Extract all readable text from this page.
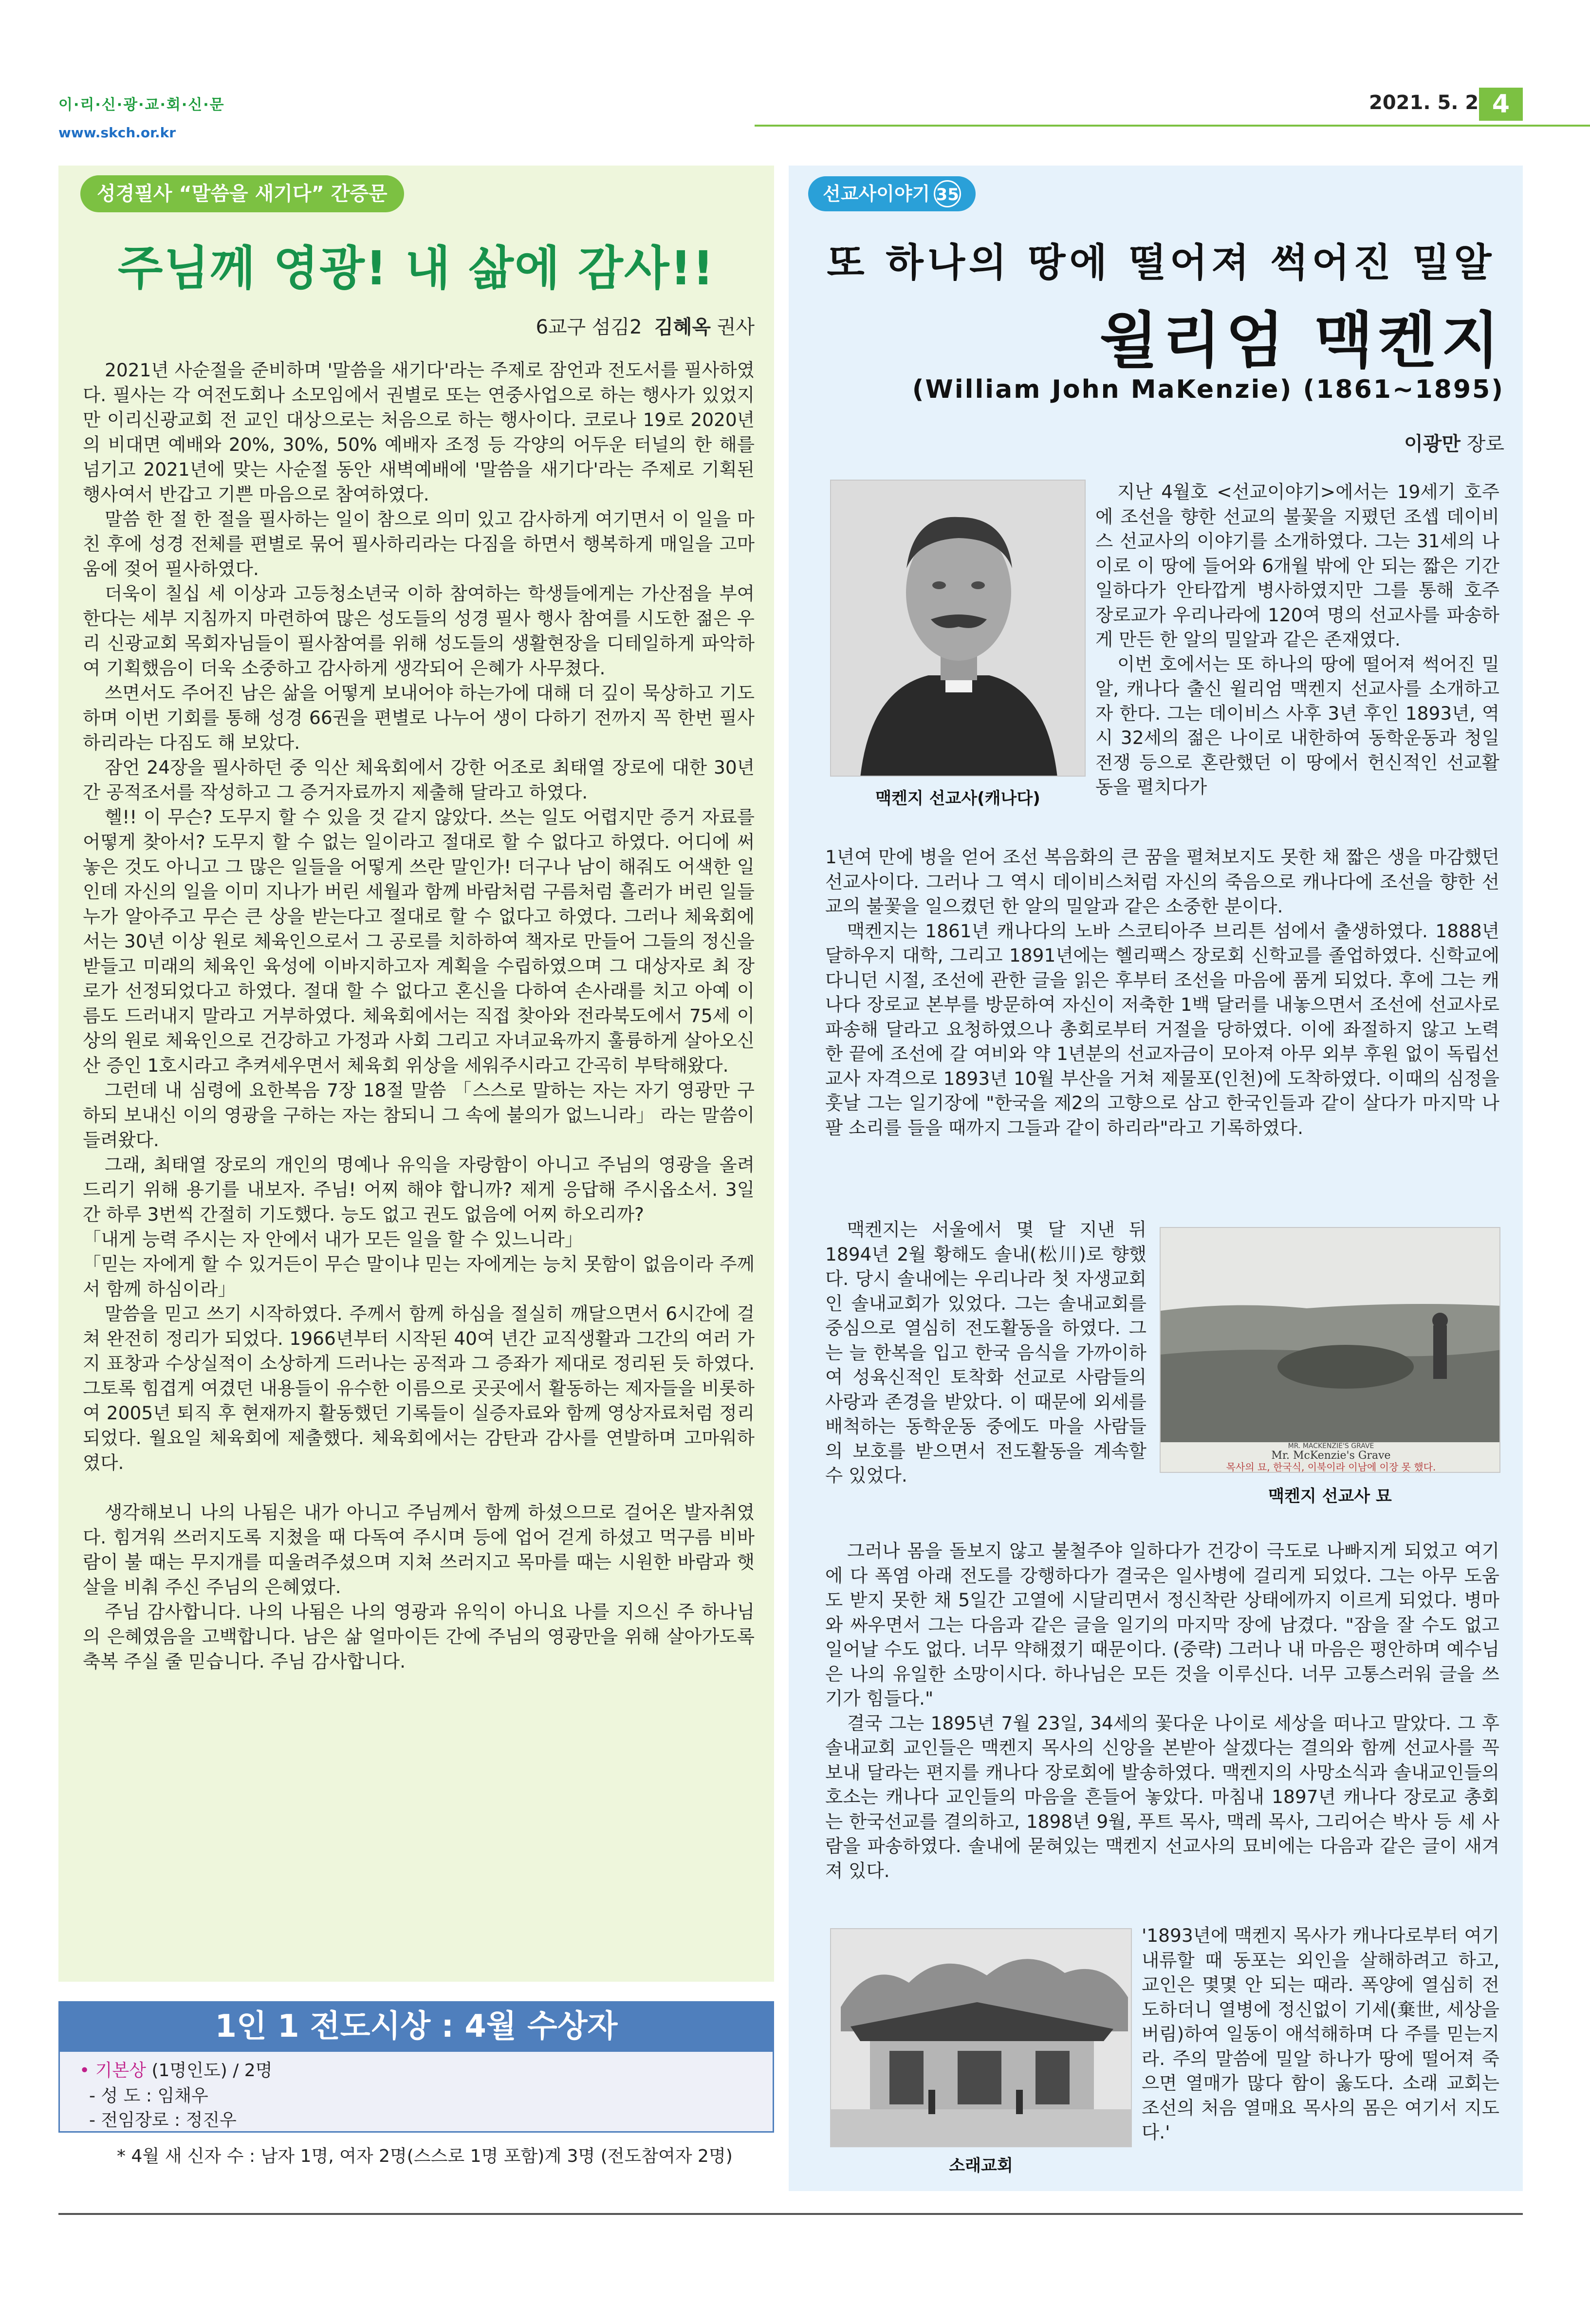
이·리·신·광·교·회·신·문
www.skch.or.kr
2021. 5. 2 4
성경필사 “말씀을 새기다” 간증문
주님께 영광! 내 삶에 감사!!
6교구 섬김2 김혜옥 권사

2021년 사순절을 준비하며 '말씀을 새기다'라는 주제로 잠언과 전도서를 필사하였다. 필사는 각 여전도회나 소모임에서 권별로 또는 연중사업으로 하는 행사가 있었지만 이리신광교회 전 교인 대상으로는 처음으로 하는 행사이다. 코로나 19로 2020년의 비대면 예배와 20%, 30%, 50% 예배자 조정 등 각양의 어두운 터널의 한 해를 넘기고 2021년에 맞는 사순절 동안 새벽예배에 '말씀을 새기다'라는 주제로 기획된 행사여서 반갑고 기쁜 마음으로 참여하였다.

말씀 한 절 한 절을 필사하는 일이 참으로 의미 있고 감사하게 여기면서 이 일을 마친 후에 성경 전체를 편별로 묶어 필사하리라는 다짐을 하면서 행복하게 매일을 고마움에 젖어 필사하였다.

더욱이 칠십 세 이상과 고등청소년국 이하 참여하는 학생들에게는 가산점을 부여한다는 세부 지침까지 마련하여 많은 성도들의 성경 필사 행사 참여를 시도한 젊은 우리 신광교회 목회자님들이 필사참여를 위해 성도들의 생활현장을 디테일하게 파악하여 기획했음이 더욱 소중하고 감사하게 생각되어 은혜가 사무쳤다.

쓰면서도 주어진 남은 삶을 어떻게 보내어야 하는가에 대해 더 깊이 묵상하고 기도하며 이번 기회를 통해 성경 66권을 편별로 나누어 생이 다하기 전까지 꼭 한번 필사하리라는 다짐도 해 보았다.

잠언 24장을 필사하던 중 익산 체육회에서 강한 어조로 최태열 장로에 대한 30년간 공적조서를 작성하고 그 증거자료까지 제출해 달라고 하였다.

헬!! 이 무슨? 도무지 할 수 있을 것 같지 않았다. 쓰는 일도 어렵지만 증거 자료를 어떻게 찾아서? 도무지 할 수 없는 일이라고 절대로 할 수 없다고 하였다. 어디에 써 놓은 것도 아니고 그 많은 일들을 어떻게 쓰란 말인가! 더구나 남이 해줘도 어색한 일인데 자신의 일을 이미 지나가 버린 세월과 함께 바람처럼 구름처럼 흘러가 버린 일들 누가 알아주고 무슨 큰 상을 받는다고 절대로 할 수 없다고 하였다. 그러나 체육회에서는 30년 이상 원로 체육인으로서 그 공로를 치하하여 책자로 만들어 그들의 정신을 받들고 미래의 체육인 육성에 이바지하고자 계획을 수립하였으며 그 대상자로 최 장로가 선정되었다고 하였다. 절대 할 수 없다고 혼신을 다하여 손사래를 치고 아예 이름도 드러내지 말라고 거부하였다. 체육회에서는 직접 찾아와 전라북도에서 75세 이상의 원로 체육인으로 건강하고 가정과 사회 그리고 자녀교육까지 훌륭하게 살아오신 산 증인 1호시라고 추켜세우면서 체육회 위상을 세워주시라고 간곡히 부탁해왔다.

그런데 내 심령에 요한복음 7장 18절 말씀 「스스로 말하는 자는 자기 영광만 구하되 보내신 이의 영광을 구하는 자는 참되니 그 속에 불의가 없느니라」 라는 말씀이 들려왔다.

그래, 최태열 장로의 개인의 명예나 유익을 자랑함이 아니고 주님의 영광을 올려 드리기 위해 용기를 내보자. 주님! 어찌 해야 합니까? 제게 응답해 주시옵소서. 3일 간 하루 3번씩 간절히 기도했다. 능도 없고 권도 없음에 어찌 하오리까?

「내게 능력 주시는 자 안에서 내가 모든 일을 할 수 있느니라」

「믿는 자에게 할 수 있거든이 무슨 말이냐 믿는 자에게는 능치 못함이 없음이라 주께서 함께 하심이라」

말씀을 믿고 쓰기 시작하였다. 주께서 함께 하심을 절실히 깨달으면서 6시간에 걸쳐 완전히 정리가 되었다. 1966년부터 시작된 40여 년간 교직생활과 그간의 여러 가지 표창과 수상실적이 소상하게 드러나는 공적과 그 증좌가 제대로 정리된 듯 하였다. 그토록 힘겹게 여겼던 내용들이 유수한 이름으로 곳곳에서 활동하는 제자들을 비롯하여 2005년 퇴직 후 현재까지 활동했던 기록들이 실증자료와 함께 영상자료처럼 정리되었다. 월요일 체육회에 제출했다. 체육회에서는 감탄과 감사를 연발하며 고마워하였다.

생각해보니 나의 나됨은 내가 아니고 주님께서 함께 하셨으므로 걸어온 발자취였다. 힘겨워 쓰러지도록 지쳤을 때 다독여 주시며 등에 업어 걷게 하셨고 먹구름 비바람이 불 때는 무지개를 띠울려주셨으며 지쳐 쓰러지고 목마를 때는 시원한 바람과 햇살을 비춰 주신 주님의 은혜였다.

주님 감사합니다. 나의 나됨은 나의 영광과 유익이 아니요 나를 지으신 주 하나님의 은혜였음을 고백합니다. 남은 삶 얼마이든 간에 주님의 영광만을 위해 살아가도록 축복 주실 줄 믿습니다. 주님 감사합니다.

1인 1 전도시상 : 4월 수상자
• 기본상 (1명인도) / 2명
- 성 도 : 임채우
- 전임장로 : 정진우
* 4월 새 신자 수 : 남자 1명, 여자 2명(스스로 1명 포함)계 3명 (전도참여자 2명)
선교사이야기 35
또 하나의 땅에 떨어져 썩어진 밀알
윌리엄 맥켄지
(William John MaKenzie) (1861~1895)
이광만 장로
맥켄지 선교사(캐나다)

지난 4월호 <선교이야기>에서는 19세기 호주에 조선을 향한 선교의 불꽃을 지폈던 조셉 데이비스 선교사의 이야기를 소개하였다. 그는 31세의 나이로 이 땅에 들어와 6개월 밖에 안 되는 짧은 기간 일하다가 안타깝게 병사하였지만 그를 통해 호주 장로교가 우리나라에 120여 명의 선교사를 파송하게 만든 한 알의 밀알과 같은 존재였다.

이번 호에서는 또 하나의 땅에 떨어져 썩어진 밀알, 캐나다 출신 윌리엄 맥켄지 선교사를 소개하고자 한다. 그는 데이비스 사후 3년 후인 1893년, 역시 32세의 젊은 나이로 내한하여 동학운동과 청일전쟁 등으로 혼란했던 이 땅에서 헌신적인 선교활동을 펼치다가

1년여 만에 병을 얻어 조선 복음화의 큰 꿈을 펼쳐보지도 못한 채 짧은 생을 마감했던 선교사이다. 그러나 그 역시 데이비스처럼 자신의 죽음으로 캐나다에 조선을 향한 선교의 불꽃을 일으켰던 한 알의 밀알과 같은 소중한 분이다.

맥켄지는 1861년 캐나다의 노바 스코티아주 브리튼 섬에서 출생하였다. 1888년 달하우지 대학, 그리고 1891년에는 헬리팩스 장로회 신학교를 졸업하였다. 신학교에 다니던 시절, 조선에 관한 글을 읽은 후부터 조선을 마음에 품게 되었다. 후에 그는 캐나다 장로교 본부를 방문하여 자신이 저축한 1백 달러를 내놓으면서 조선에 선교사로 파송해 달라고 요청하였으나 총회로부터 거절을 당하였다. 이에 좌절하지 않고 노력한 끝에 조선에 갈 여비와 약 1년분의 선교자금이 모아져 아무 외부 후원 없이 독립선교사 자격으로 1893년 10월 부산을 거쳐 제물포(인천)에 도착하였다. 이때의 심정을 훗날 그는 일기장에 "한국을 제2의 고향으로 삼고 한국인들과 같이 살다가 마지막 나팔 소리를 들을 때까지 그들과 같이 하리라"라고 기록하였다.

MR. MACKENZIE'S GRAVE
Mr. McKenzie's Grave
목사의 묘, 한국식, 이북이라 이남에 이장 못 했다.
맥켄지 선교사 묘

맥켄지는 서울에서 몇 달 지낸 뒤 1894년 2월 황해도 솔내(松川)로 향했다. 당시 솔내에는 우리나라 첫 자생교회인 솔내교회가 있었다. 그는 솔내교회를 중심으로 열심히 전도활동을 하였다. 그는 늘 한복을 입고 한국 음식을 가까이하여 성육신적인 토착화 선교로 사람들의 사랑과 존경을 받았다. 이 때문에 외세를 배척하는 동학운동 중에도 마을 사람들의 보호를 받으면서 전도활동을 계속할 수 있었다.

그러나 몸을 돌보지 않고 불철주야 일하다가 건강이 극도로 나빠지게 되었고 여기에 다 폭염 아래 전도를 강행하다가 결국은 일사병에 걸리게 되었다. 그는 아무 도움도 받지 못한 채 5일간 고열에 시달리면서 정신착란 상태에까지 이르게 되었다. 병마와 싸우면서 그는 다음과 같은 글을 일기의 마지막 장에 남겼다. "잠을 잘 수도 없고 일어날 수도 없다. 너무 약해졌기 때문이다. (중략) 그러나 내 마음은 평안하며 예수님은 나의 유일한 소망이시다. 하나님은 모든 것을 이루신다. 너무 고통스러워 글을 쓰기가 힘들다."

결국 그는 1895년 7월 23일, 34세의 꽃다운 나이로 세상을 떠나고 말았다. 그 후 솔내교회 교인들은 맥켄지 목사의 신앙을 본받아 살겠다는 결의와 함께 선교사를 꼭 보내 달라는 편지를 캐나다 장로회에 발송하였다. 맥켄지의 사망소식과 솔내교인들의 호소는 캐나다 교인들의 마음을 흔들어 놓았다. 마침내 1897년 캐나다 장로교 총회는 한국선교를 결의하고, 1898년 9월, 푸트 목사, 맥레 목사, 그리어슨 박사 등 세 사람을 파송하였다. 솔내에 묻혀있는 맥켄지 선교사의 묘비에는 다음과 같은 글이 새겨져 있다.

소래교회

'1893년에 맥켄지 목사가 캐나다로부터 여기 내류할 때 동포는 외인을 살해하려고 하고, 교인은 몇몇 안 되는 때라. 폭양에 열심히 전도하더니 열병에 정신없이 기세(棄世, 세상을 버림)하여 일동이 애석해하며 다 주를 믿는지라. 주의 말씀에 밀알 하나가 땅에 떨어져 죽으면 열매가 많다 함이 옳도다. 소래 교회는 조선의 처음 열매요 목사의 몸은 여기서 지도다.'
